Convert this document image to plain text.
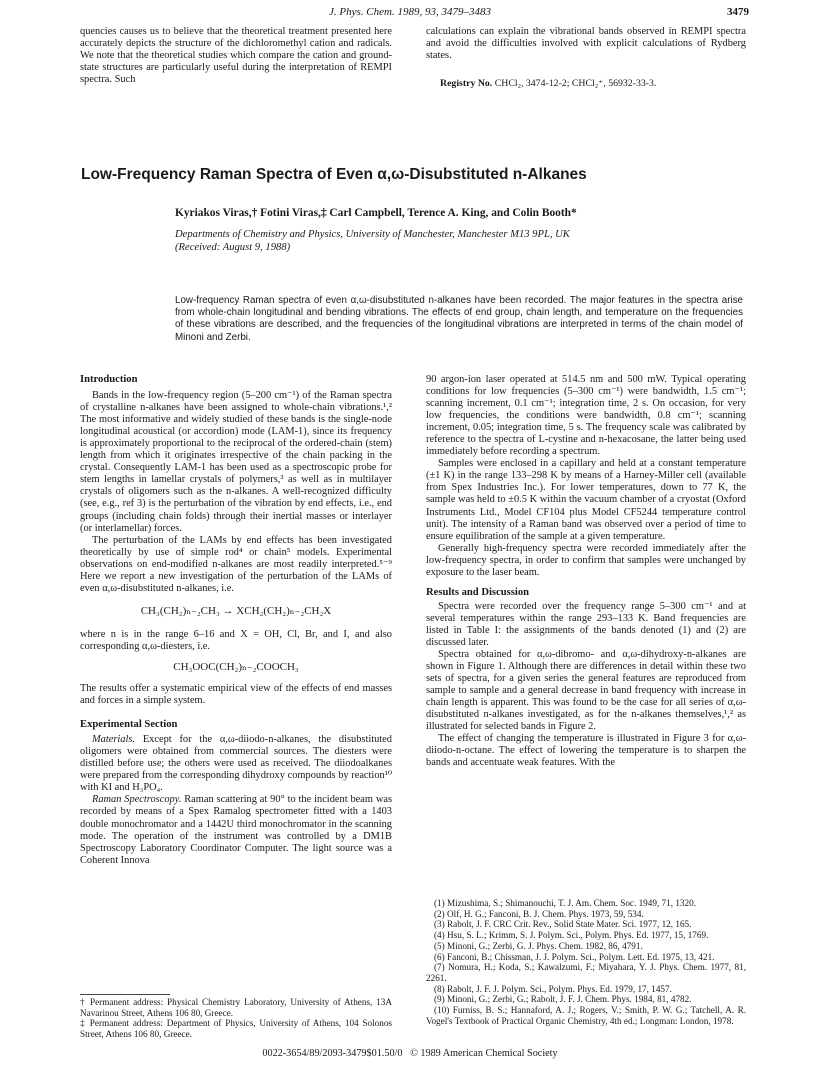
J. Phys. Chem. 1989, 93, 3479–3483	3479

quencies causes us to believe that the theoretical treatment presented here accurately depicts the structure of the dichloromethyl cation and radicals. We note that the theoretical studies which compare the cation and ground-state structures are particularly useful during the interpretation of REMPI spectra. Such

calculations can explain the vibrational bands observed in REMPI spectra and avoid the difficulties involved with explicit calculations of Rydberg states.

Registry No. CHCl₂, 3474-12-2; CHCl₂⁺, 56932-33-3.

Low-Frequency Raman Spectra of Even α,ω-Disubstituted n-Alkanes
Kyriakos Viras,† Fotini Viras,‡ Carl Campbell, Terence A. King, and Colin Booth*
Departments of Chemistry and Physics, University of Manchester, Manchester M13 9PL, UK
(Received: August 9, 1988)
Low-frequency Raman spectra of even α,ω-disubstituted n-alkanes have been recorded. The major features in the spectra arise from whole-chain longitudinal and bending vibrations. The effects of end group, chain length, and temperature on the frequencies of these vibrations are described, and the frequencies of the longitudinal vibrations are interpreted in terms of the chain model of Minoni and Zerbi.

Introduction

Bands in the low-frequency region (5–200 cm⁻¹) of the Raman spectra of crystalline n-alkanes have been assigned to whole-chain vibrations.¹,² The most informative and widely studied of these bands is the single-node longitudinal acoustical (or accordion) mode (LAM-1), since its frequency is approximately proportional to the reciprocal of the ordered-chain (stem) length from which it originates irrespective of the chain packing in the crystal. Consequently LAM-1 has been used as a spectroscopic probe for stem lengths in lamellar crystals of polymers,³ as well as in multilayer crystals of oligomers such as the n-alkanes. A well-recognized difficulty (see, e.g., ref 3) is the perturbation of the vibration by end effects, i.e., end groups (including chain folds) through their inertial masses or interlayer (or interlamellar) forces.

The perturbation of the LAMs by end effects has been investigated theoretically by use of simple rod⁴ or chain⁵ models. Experimental observations on end-modified n-alkanes are most readily interpreted.⁵⁻⁹ Here we report a new investigation of the perturbation of the LAMs of even α,ω-disubstituted n-alkanes, i.e.

CH₃(CH₂)ₙ₋₂CH₃ → XCH₂(CH₂)ₙ₋₂CH₂X

where n is in the range 6–16 and X = OH, Cl, Br, and I, and also corresponding α,ω-diesters, i.e.

CH₃OOC(CH₂)ₙ₋₂COOCH₃

The results offer a systematic empirical view of the effects of end masses and forces in a simple system.

Experimental Section

Materials. Except for the α,ω-diiodo-n-alkanes, the disubstituted oligomers were obtained from commercial sources. The diesters were distilled before use; the others were used as received. The diiodoalkanes were prepared from the corresponding dihydroxy compounds by reaction¹⁰ with KI and H₃PO₄.

Raman Spectroscopy. Raman scattering at 90° to the incident beam was recorded by means of a Spex Ramalog spectrometer fitted with a 1403 double monochromator and a 1442U third monochromator in the scanning mode. The operation of the instrument was controlled by a DM1B Spectroscopy Laboratory Coordinator Computer. The light source was a Coherent Innova

† Permanent address: Physical Chemistry Laboratory, University of Athens, 13A Navarinou Street, Athens 106 80, Greece.

‡ Permanent address: Department of Physics, University of Athens, 104 Solonos Street, Athens 106 80, Greece.

90 argon-ion laser operated at 514.5 nm and 500 mW. Typical operating conditions for low frequencies (5–300 cm⁻¹) were bandwidth, 1.5 cm⁻¹; scanning increment, 0.1 cm⁻¹; integration time, 2 s. On occasion, for very low frequencies, the conditions were bandwidth, 0.8 cm⁻¹; scanning increment, 0.05; integration time, 5 s. The frequency scale was calibrated by reference to the spectra of L-cystine and n-hexacosane, the latter being used immediately before recording a spectrum.

Samples were enclosed in a capillary and held at a constant temperature (±1 K) in the range 133–298 K by means of a Harney-Miller cell (available from Spex Industries Inc.). For lower temperatures, down to 77 K, the sample was held to ±0.5 K within the vacuum chamber of a cryostat (Oxford Instruments Ltd., Model CF104 plus Model CF5244 temperature control unit). The intensity of a Raman band was observed over a period of time to ensure equilibration of the sample at a given temperature.

Generally high-frequency spectra were recorded immediately after the low-frequency spectra, in order to confirm that samples were unchanged by exposure to the laser beam.

Results and Discussion

Spectra were recorded over the frequency range 5–300 cm⁻¹ and at several temperatures within the range 293–133 K. Band frequencies are listed in Table I: the assignments of the bands denoted (1) and (2) are discussed later.

Spectra obtained for α,ω-dibromo- and α,ω-dihydroxy-n-alkanes are shown in Figure 1. Although there are differences in detail within these two sets of spectra, for a given series the general features are reproduced from sample to sample and a general decrease in band frequency with increase in chain length is apparent. This was found to be the case for all series of α,ω-disubstituted n-alkanes investigated, as for the n-alkanes themselves,¹,² as illustrated for selected bands in Figure 2.

The effect of changing the temperature is illustrated in Figure 3 for α,ω-diiodo-n-octane. The effect of lowering the temperature is to sharpen the bands and accentuate weak features. With the

(1) Mizushima, S.; Shimanouchi, T. J. Am. Chem. Soc. 1949, 71, 1320.

(2) Olf, H. G.; Fanconi, B. J. Chem. Phys. 1973, 59, 534.

(3) Rabolt, J. F. CRC Crit. Rev., Solid State Mater. Sci. 1977, 12, 165.

(4) Hsu, S. L.; Krimm, S. J. Polym. Sci., Polym. Phys. Ed. 1977, 15, 1769.

(5) Minoni, G.; Zerbi, G. J. Phys. Chem. 1982, 86, 4791.

(6) Fanconi, B.; Chissman, J. J. Polym. Sci., Polym. Lett. Ed. 1975, 13, 421.

(7) Nomura, H.; Koda, S.; Kawalzumi, F.; Miyahara, Y. J. Phys. Chem. 1977, 81, 2261.

(8) Rabolt, J. F. J. Polym. Sci., Polym. Phys. Ed. 1979, 17, 1457.

(9) Minoni, G.; Zerbi, G.; Rabolt, J. F. J. Chem. Phys. 1984, 81, 4782.

(10) Furniss, B. S.; Hannaford, A. J.; Rogers, V.; Smith, P. W. G.; Tatchell, A. R. Vogel's Textbook of Practical Organic Chemistry, 4th ed.; Longman: London, 1978.

0022-3654/89/2093-3479$01.50/0   © 1989 American Chemical Society
